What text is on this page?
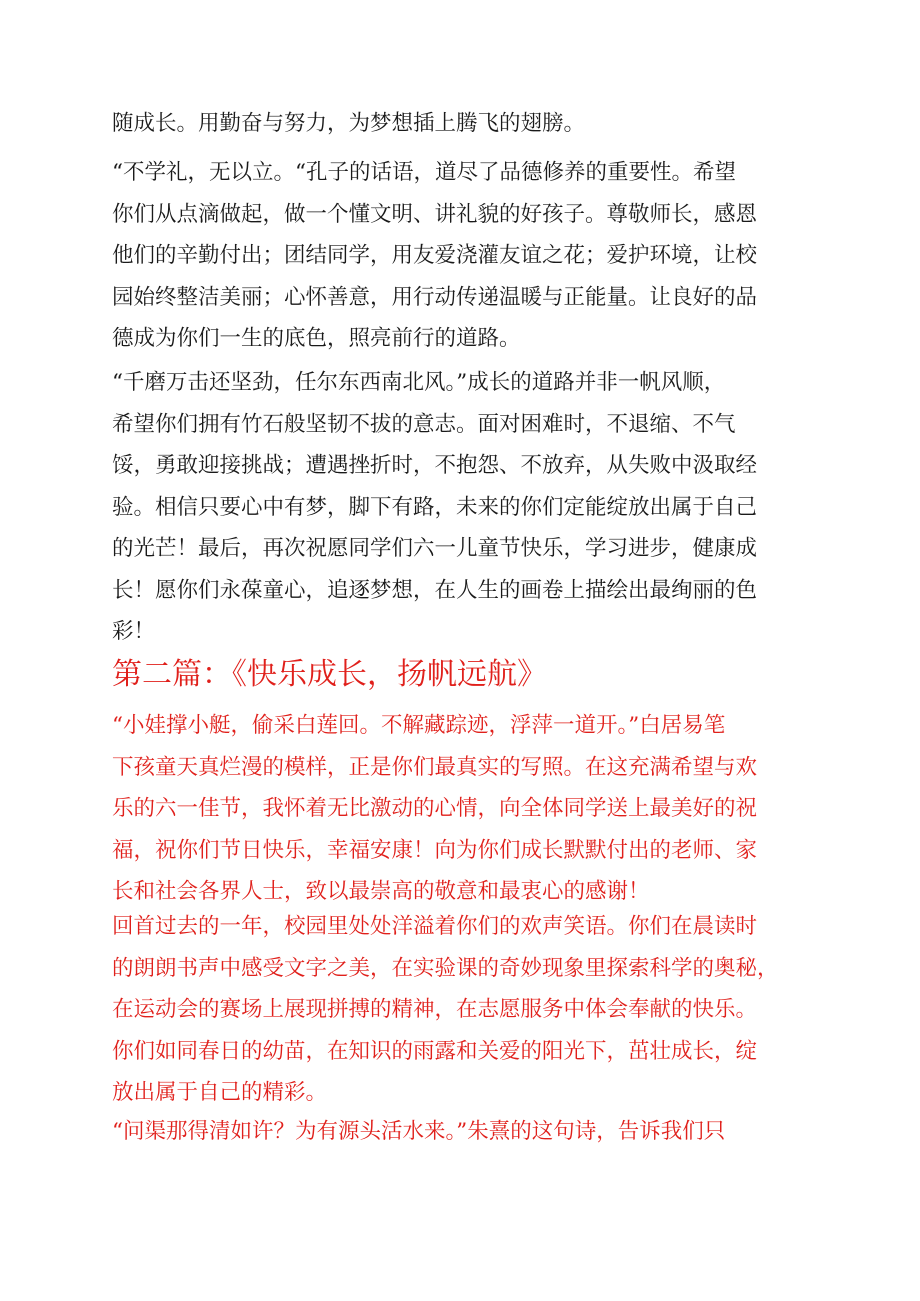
随成长。用勤奋与努力，为梦想插上腾飞的翅膀。
“不学礼，无以立。“孔子的话语，道尽了品德修养的重要性。希望
你们从点滴做起，做一个懂文明、讲礼貌的好孩子。尊敬师长，感恩
他们的辛勤付出；团结同学，用友爱浇灌友谊之花；爱护环境，让校
园始终整洁美丽；心怀善意，用行动传递温暖与正能量。让良好的品
德成为你们一生的底色，照亮前行的道路。
“千磨万击还坚劲，任尔东西南北风。”成长的道路并非一帆风顺，
希望你们拥有竹石般坚韧不拔的意志。面对困难时，不退缩、不气
馁，勇敢迎接挑战；遭遇挫折时，不抱怨、不放弃，从失败中汲取经
验。相信只要心中有梦，脚下有路，未来的你们定能绽放出属于自己
的光芒！最后，再次祝愿同学们六一儿童节快乐，学习进步，健康成
长！愿你们永葆童心，追逐梦想，在人生的画卷上描绘出最绚丽的色
彩！
第二篇：《快乐成长，扬帆远航》
“小娃撑小艇，偷采白莲回。不解藏踪迹，浮萍一道开。”白居易笔
下孩童天真烂漫的模样，正是你们最真实的写照。在这充满希望与欢
乐的六一佳节，我怀着无比激动的心情，向全体同学送上最美好的祝
福，祝你们节日快乐，幸福安康！向为你们成长默默付出的老师、家
长和社会各界人士，致以最崇高的敬意和最衷心的感谢！
回首过去的一年，校园里处处洋溢着你们的欢声笑语。你们在晨读时
的朗朗书声中感受文字之美，在实验课的奇妙现象里探索科学的奥秘，
在运动会的赛场上展现拼搏的精神，在志愿服务中体会奉献的快乐。
你们如同春日的幼苗，在知识的雨露和关爱的阳光下，茁壮成长，绽
放出属于自己的精彩。
“问渠那得清如许？为有源头活水来。”朱熹的这句诗，告诉我们只
